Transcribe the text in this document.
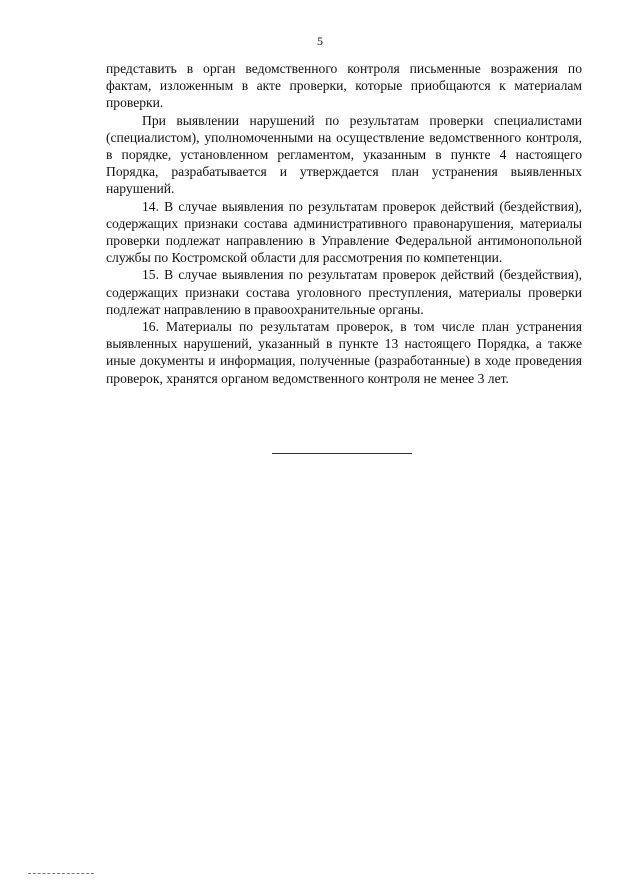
5

представить в орган ведомственного контроля письменные возражения по фактам, изложенным в акте проверки, которые приобщаются к материалам проверки.

При выявлении нарушений по результатам проверки специалистами (специалистом), уполномоченными на осуществление ведомственного контроля, в порядке, установленном регламентом, указанным в пункте 4 настоящего Порядка, разрабатывается и утверждается план устранения выявленных нарушений.

14. В случае выявления по результатам проверок действий (бездействия), содержащих признаки состава административного правонарушения, материалы проверки подлежат направлению в Управление Федеральной антимонопольной службы по Костромской области для рассмотрения по компетенции.

15. В случае выявления по результатам проверок действий (бездействия), содержащих признаки состава уголовного преступления, материалы проверки подлежат направлению в правоохранительные органы.

16. Материалы по результатам проверок, в том числе план устранения выявленных нарушений, указанный в пункте 13 настоящего Порядка, а также иные документы и информация, полученные (разработанные) в ходе проведения проверок, хранятся органом ведомственного контроля не менее 3 лет.
